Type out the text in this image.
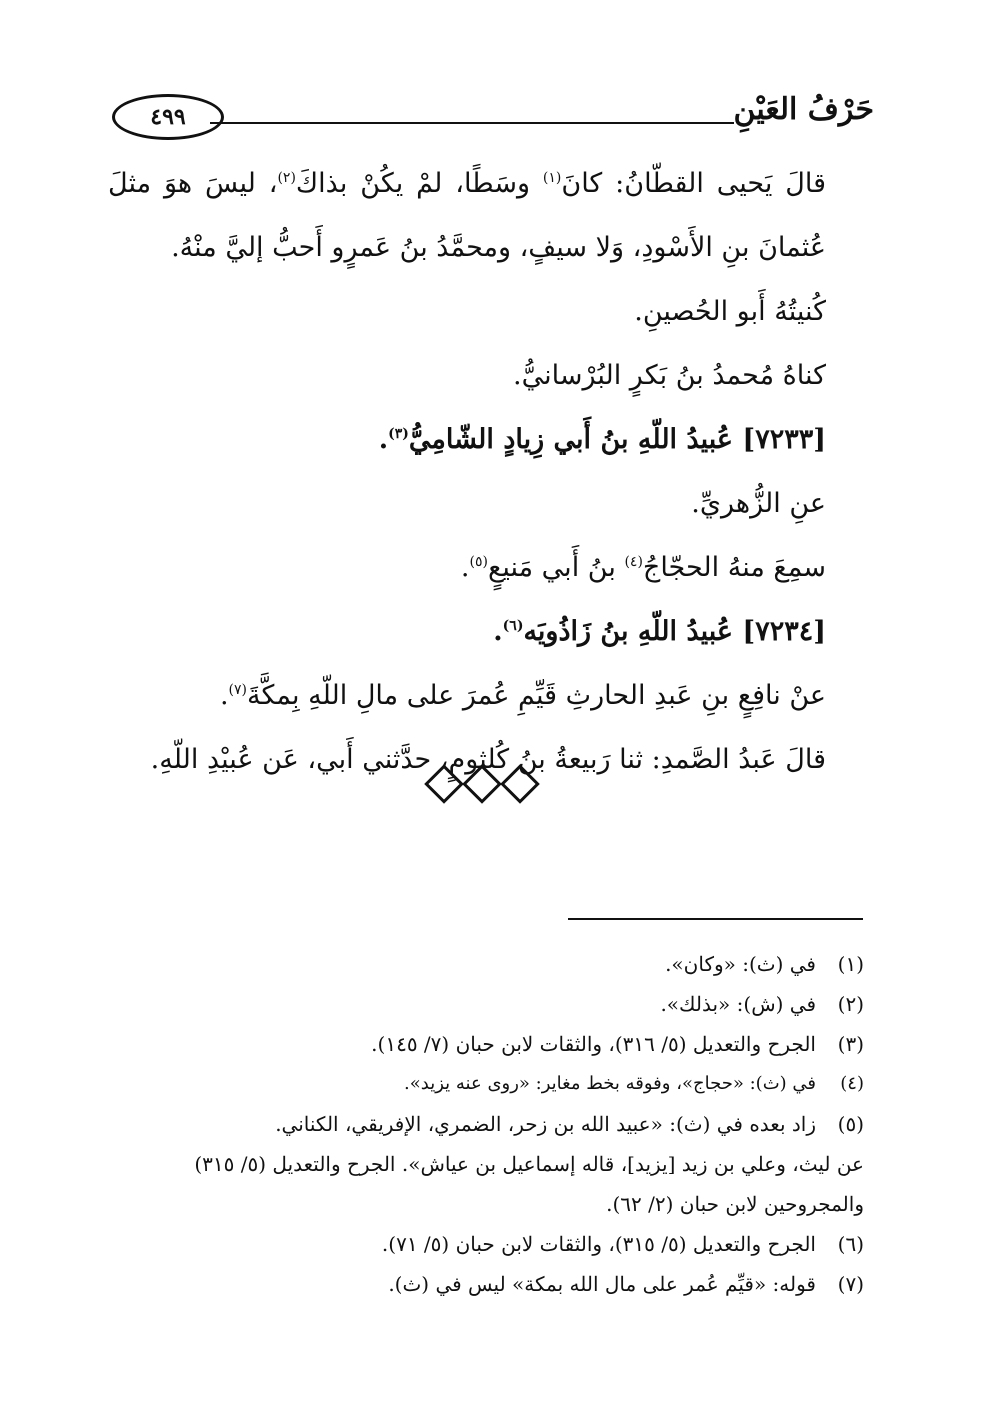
٤٩٩	حَرْفُ العَيْنِ

قالَ يَحيى القطّانُ: كانَ$^{(١)}$ وسَطًا، لمْ يكُنْ بذاكَ$^{(٢)}$، ليسَ هوَ مثلَ عُثمانَ بنِ الأَسْودِ، وَلا سيفٍ، ومحمَّدُ بنُ عَمرٍو أَحبُّ إليَّ منْهُ.

كُنيتُهُ أَبو الحُصينِ.

كناهُ مُحمدُ بنُ بَكرٍ البُرْسانيُّ.

[٧٢٣٣] عُبيدُ اللّهِ بنُ أَبي زِيادٍ الشّامِيُّ$^{(٣)}$.

عنِ الزُّهريِّ.

سمِعَ منهُ الحجّاجُ$^{(٤)}$ بنُ أَبي مَنيعٍ$^{(٥)}$.

[٧٢٣٤] عُبيدُ اللّهِ بنُ زَاذُويَه$^{(٦)}$.

عنْ نافِعٍ بنِ عَبدِ الحارثِ قَيِّمِ عُمرَ على مالِ اللّهِ بِمكَّةَ$^{(٧)}$.

قالَ عَبدُ الصَّمدِ: ثنا رَبيعةُ بنُ كُلثومٍ، حدَّثني أَبي، عَن عُبيْدِ اللّهِ.

(١)في (ث): «وكان».

(٢)في (ش): «بذلك».

(٣)الجرح والتعديل (٥/ ٣١٦)، والثقات لابن حبان (٧/ ١٤٥).

(٤)في (ث): «حجاج»، وفوقه بخط مغاير: «روى عنه يزيد».

(٥)زاد بعده في (ث): «عبيد الله بن زحر، الضمري، الإفريقي، الكناني.

عن ليث، وعلي بن زيد [يزيد]، قاله إسماعيل بن عياش». الجرح والتعديل (٥/ ٣١٥)

والمجروحين لابن حبان (٢/ ٦٢).

(٦)الجرح والتعديل (٥/ ٣١٥)، والثقات لابن حبان (٥/ ٧١).

(٧)قوله: «قيِّم عُمر على مال الله بمكة» ليس في (ث).
